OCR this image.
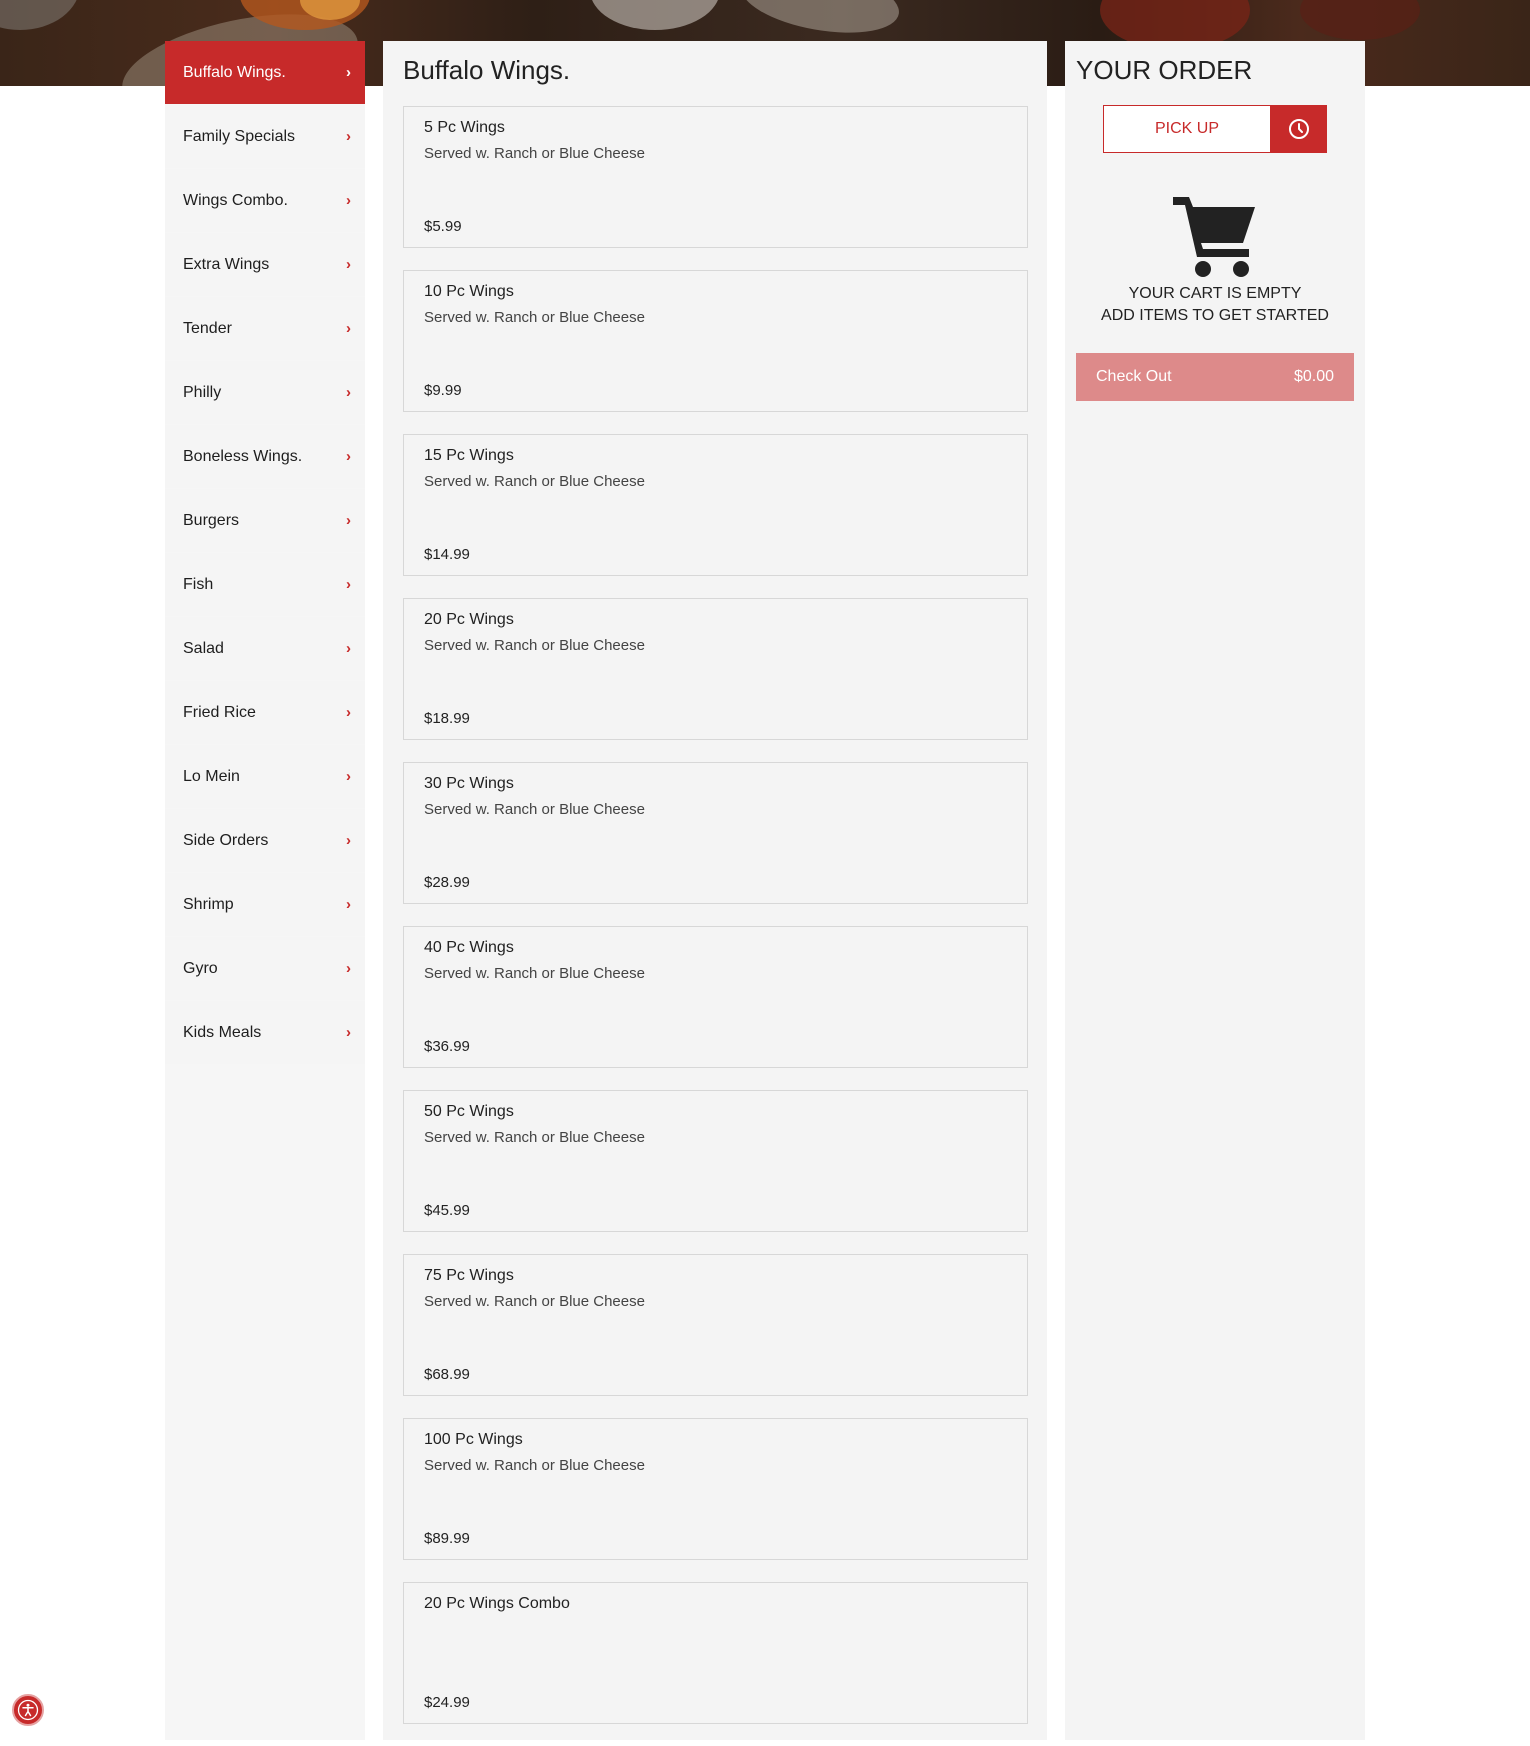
Buffalo Wings.	›
Family Specials	›
Wings Combo.	›
Extra Wings	›
Tender	›
Philly	›
Boneless Wings.	›
Burgers	›
Fish	›
Salad	›
Fried Rice	›
Lo Mein	›
Side Orders	›
Shrimp	›
Gyro	›
Kids Meals	›
Buffalo Wings.
5 Pc Wings
Served w. Ranch or Blue Cheese
$5.99
10 Pc Wings
Served w. Ranch or Blue Cheese
$9.99
15 Pc Wings
Served w. Ranch or Blue Cheese
$14.99
20 Pc Wings
Served w. Ranch or Blue Cheese
$18.99
30 Pc Wings
Served w. Ranch or Blue Cheese
$28.99
40 Pc Wings
Served w. Ranch or Blue Cheese
$36.99
50 Pc Wings
Served w. Ranch or Blue Cheese
$45.99
75 Pc Wings
Served w. Ranch or Blue Cheese
$68.99
100 Pc Wings
Served w. Ranch or Blue Cheese
$89.99
20 Pc Wings Combo
$24.99
YOUR ORDER
PICK UP
YOUR CART IS EMPTY
ADD ITEMS TO GET STARTED
Check Out	$0.00
